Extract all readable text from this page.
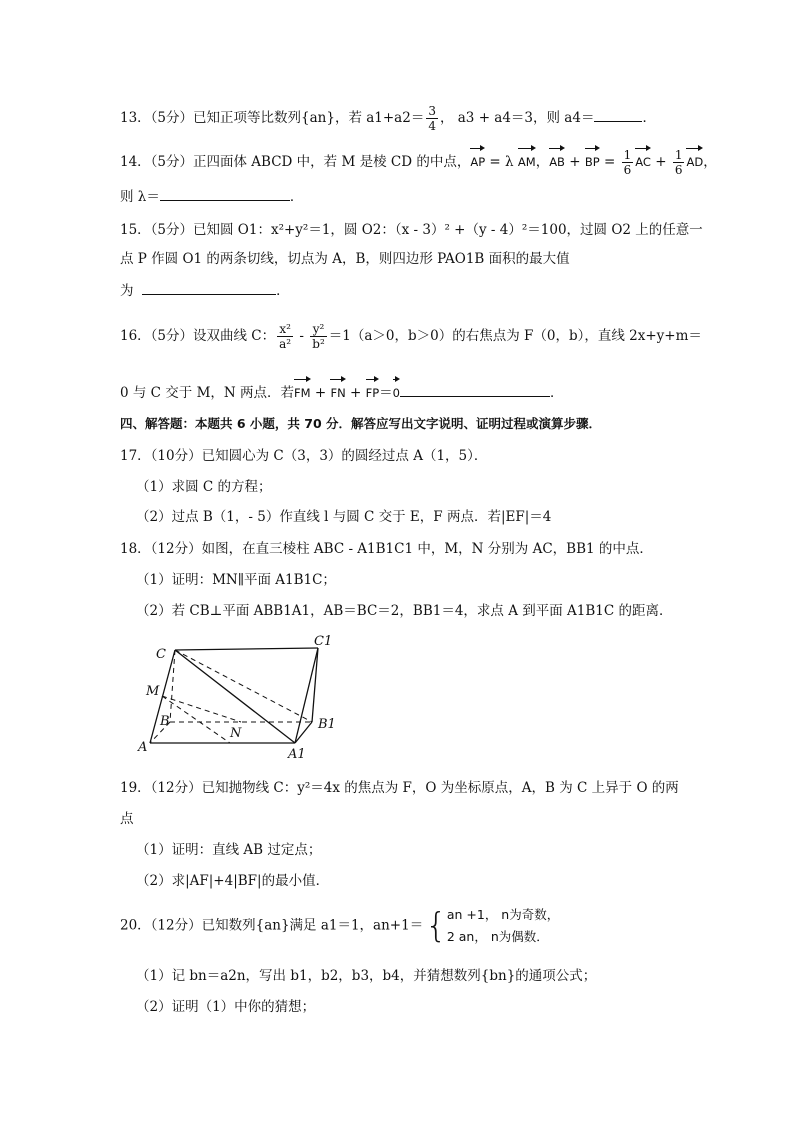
13．（5分）已知正项等比数列{an}，若 $a1+a2= \frac{3}{4}$ ， a3 + a4＝3，则 a4＝	．
14．（5分）正四面体 ABCD 中，若 M 是棱 CD 的中点，AP = λ AM，AB + BP = $\frac{1}{6}$ AC + $\frac{1}{6}$ AD，
则 λ＝	．
15．（5分）已知圆 O1：x²+y²＝1，圆 O2：（x - 3）² +（y - 4）²＝100，过圆 O2 上的任意一
点 P 作圆 O1 的两条切线，切点为 A，B，则四边形 PAO1B 面积的最大值
为	．
16．（5分）设双曲线 C： $\frac{\text{x²}}{\text{a²}} - \frac{\text{y²}}{\text{b²}} =1(a>0$，b＞0）的右焦点为 F（0，b），直线 2x+y+m＝
0 与 C 交于 M，N 两点．若FM + FN + FP＝0	．
四、解答题：本题共 6 小题，共 70 分．解答应写出文字说明、证明过程或演算步骤．
17．（10分）已知圆心为 C（3，3）的圆经过点 A（1，5）．
（1）求圆 C 的方程；
（2）过点 B（1，- 5）作直线 l 与圆 C 交于 E，F 两点．若|EF|＝4
18．（12分）如图，在直三棱柱 ABC - A1B1C1 中，M，N 分别为 AC，BB1 的中点．
（1）证明：MN∥平面 A1B1C；
（2）若 CB⊥平面 ABB1A1，AB＝BC＝2，BB1＝4，求点 A 到平面 A1B1C 的距离．
C
C1
M
B	B1
A
N
A1
19．（12分）已知抛物线 C：y²＝4x 的焦点为 F，O 为坐标原点，A，B 为 C 上异于 O 的两
点
（1）证明：直线 AB 过定点；
（2）求|AF|+4|BF|的最小值．
20．（12分）已知数列{an}满足 a1＝1，an+1＝{ an +1， n为奇数，
2 an， n为偶数．
（1）记 bn＝a2n，写出 b1，b2，b3，b4，并猜想数列{bn}的通项公式；
（2）证明（1）中你的猜想；
